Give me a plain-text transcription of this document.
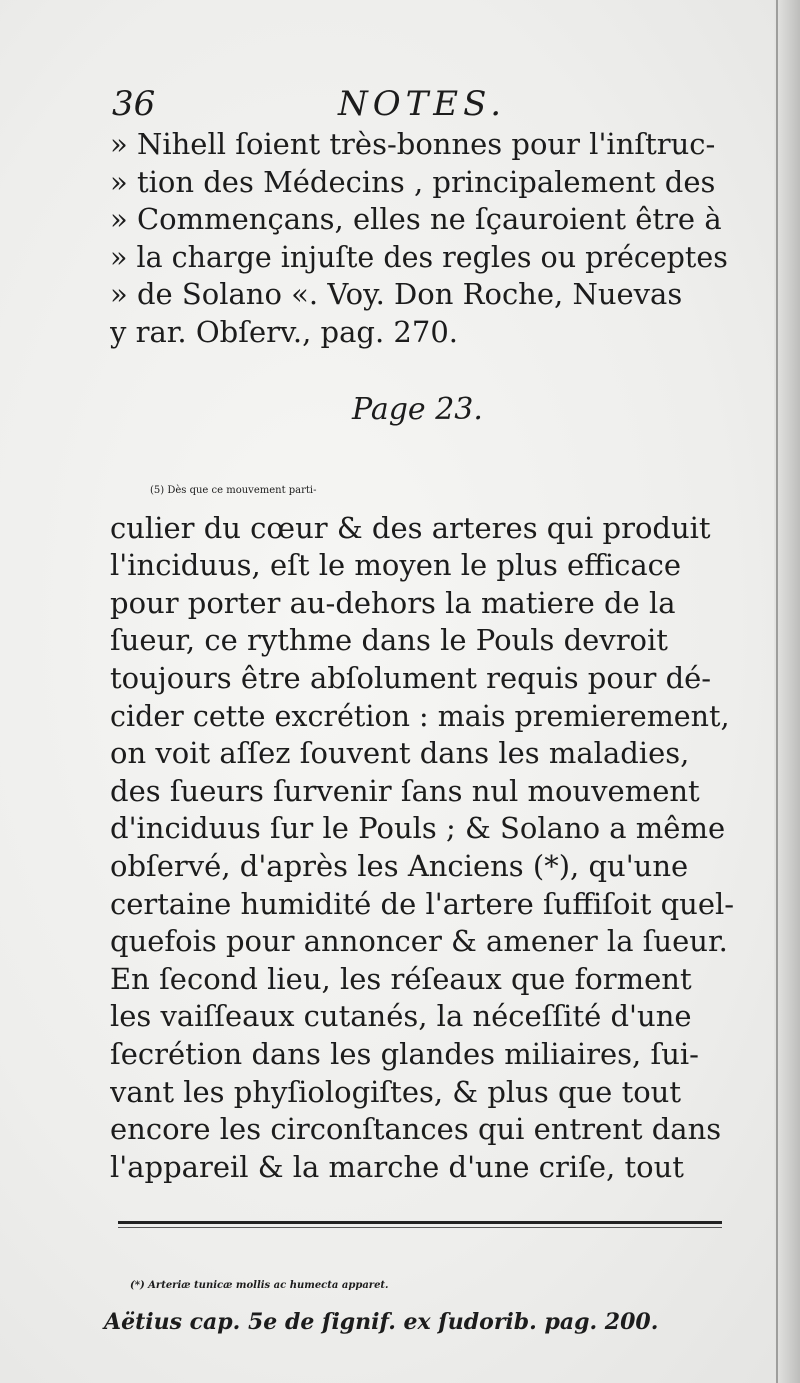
36	NOTES.
» Nihell ſoient très-bonnes pour l'inſtruc-
» tion des Médecins , principalement des
» Commençans, elles ne ſçauroient être à
» la charge injuſte des regles ou préceptes
» de Solano «. Voy. Don Roche, Nuevas
y rar. Obſerv., pag. 270.
Page 23.
(5) Dès que ce mouvement parti-
culier du cœur & des arteres qui produit
l'inciduus, eſt le moyen le plus efficace
pour porter au-dehors la matiere de la
ſueur, ce rythme dans le Pouls devroit
toujours être abſolument requis pour dé-
cider cette excrétion : mais premierement,
on voit aſſez ſouvent dans les maladies,
des ſueurs ſurvenir ſans nul mouvement
d'inciduus ſur le Pouls ; & Solano a même
obſervé, d'après les Anciens (*), qu'une
certaine humidité de l'artere ſuffiſoit quel-
quefois pour annoncer & amener la ſueur.
En ſecond lieu, les réſeaux que forment
les vaiſſeaux cutanés, la néceſſité d'une
ſecrétion dans les glandes miliaires, ſui-
vant les phyſiologiſtes, & plus que tout
encore les circonſtances qui entrent dans
l'appareil & la marche d'une criſe, tout
(*) Arteriæ tunicæ mollis ac humecta apparet.
Aëtius cap. 5e de ſignif. ex ſudorib. pag. 200.
